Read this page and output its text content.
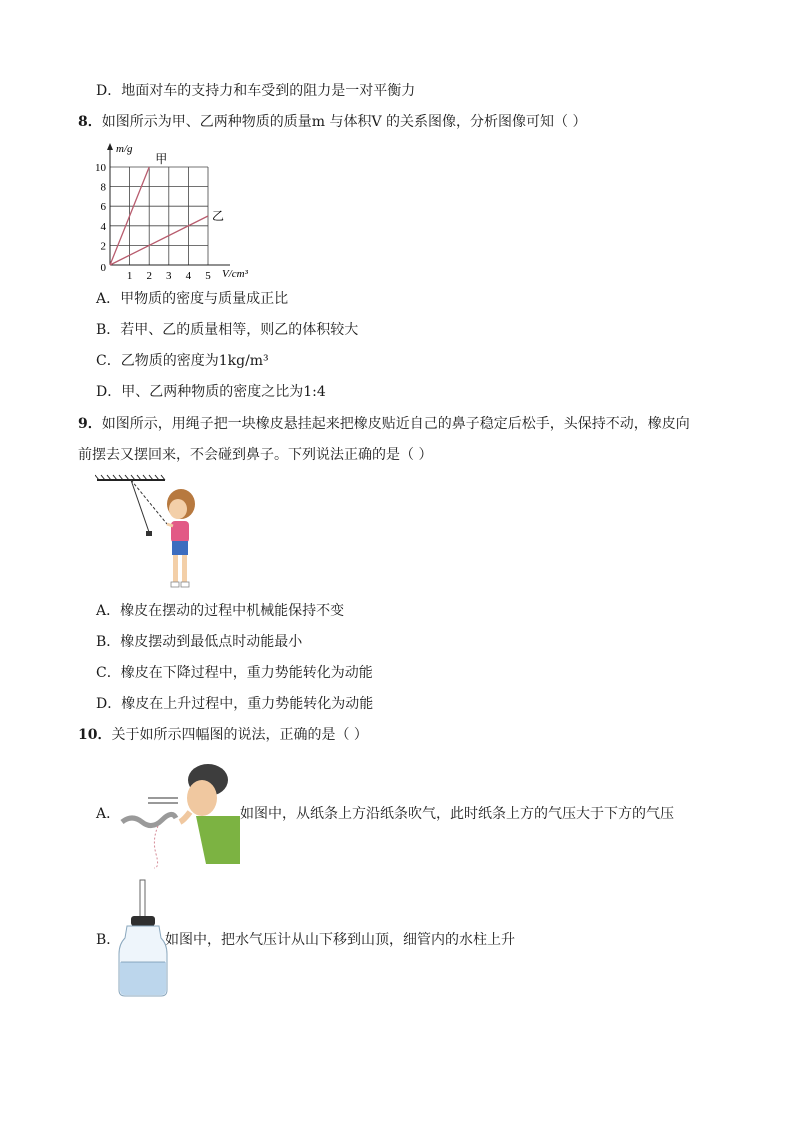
D．地面对车的支持力和车受到的阻力是一对平衡力
8．如图所示为甲、乙两种物质的质量m 与体积V 的关系图像，分析图像可知（ ）
1 2 3 4 5
2
4
6
8
10
0
m/g
V/cm³
甲
乙
A．甲物质的密度与质量成正比
B．若甲、乙的质量相等，则乙的体积较大
C．乙物质的密度为1kg/m³
D．甲、乙两种物质的密度之比为1:4
9．如图所示，用绳子把一块橡皮悬挂起来把橡皮贴近自己的鼻子稳定后松手，头保持不动，橡皮向
前摆去又摆回来，不会碰到鼻子。下列说法正确的是（ ）
A．橡皮在摆动的过程中机械能保持不变
B．橡皮摆动到最低点时动能最小
C．橡皮在下降过程中，重力势能转化为动能
D．橡皮在上升过程中，重力势能转化为动能
10．关于如所示四幅图的说法，正确的是（ ）
A．	如图中，从纸条上方沿纸条吹气，此时纸条上方的气压大于下方的气压
B．	如图中，把水气压计从山下移到山顶，细管内的水柱上升
